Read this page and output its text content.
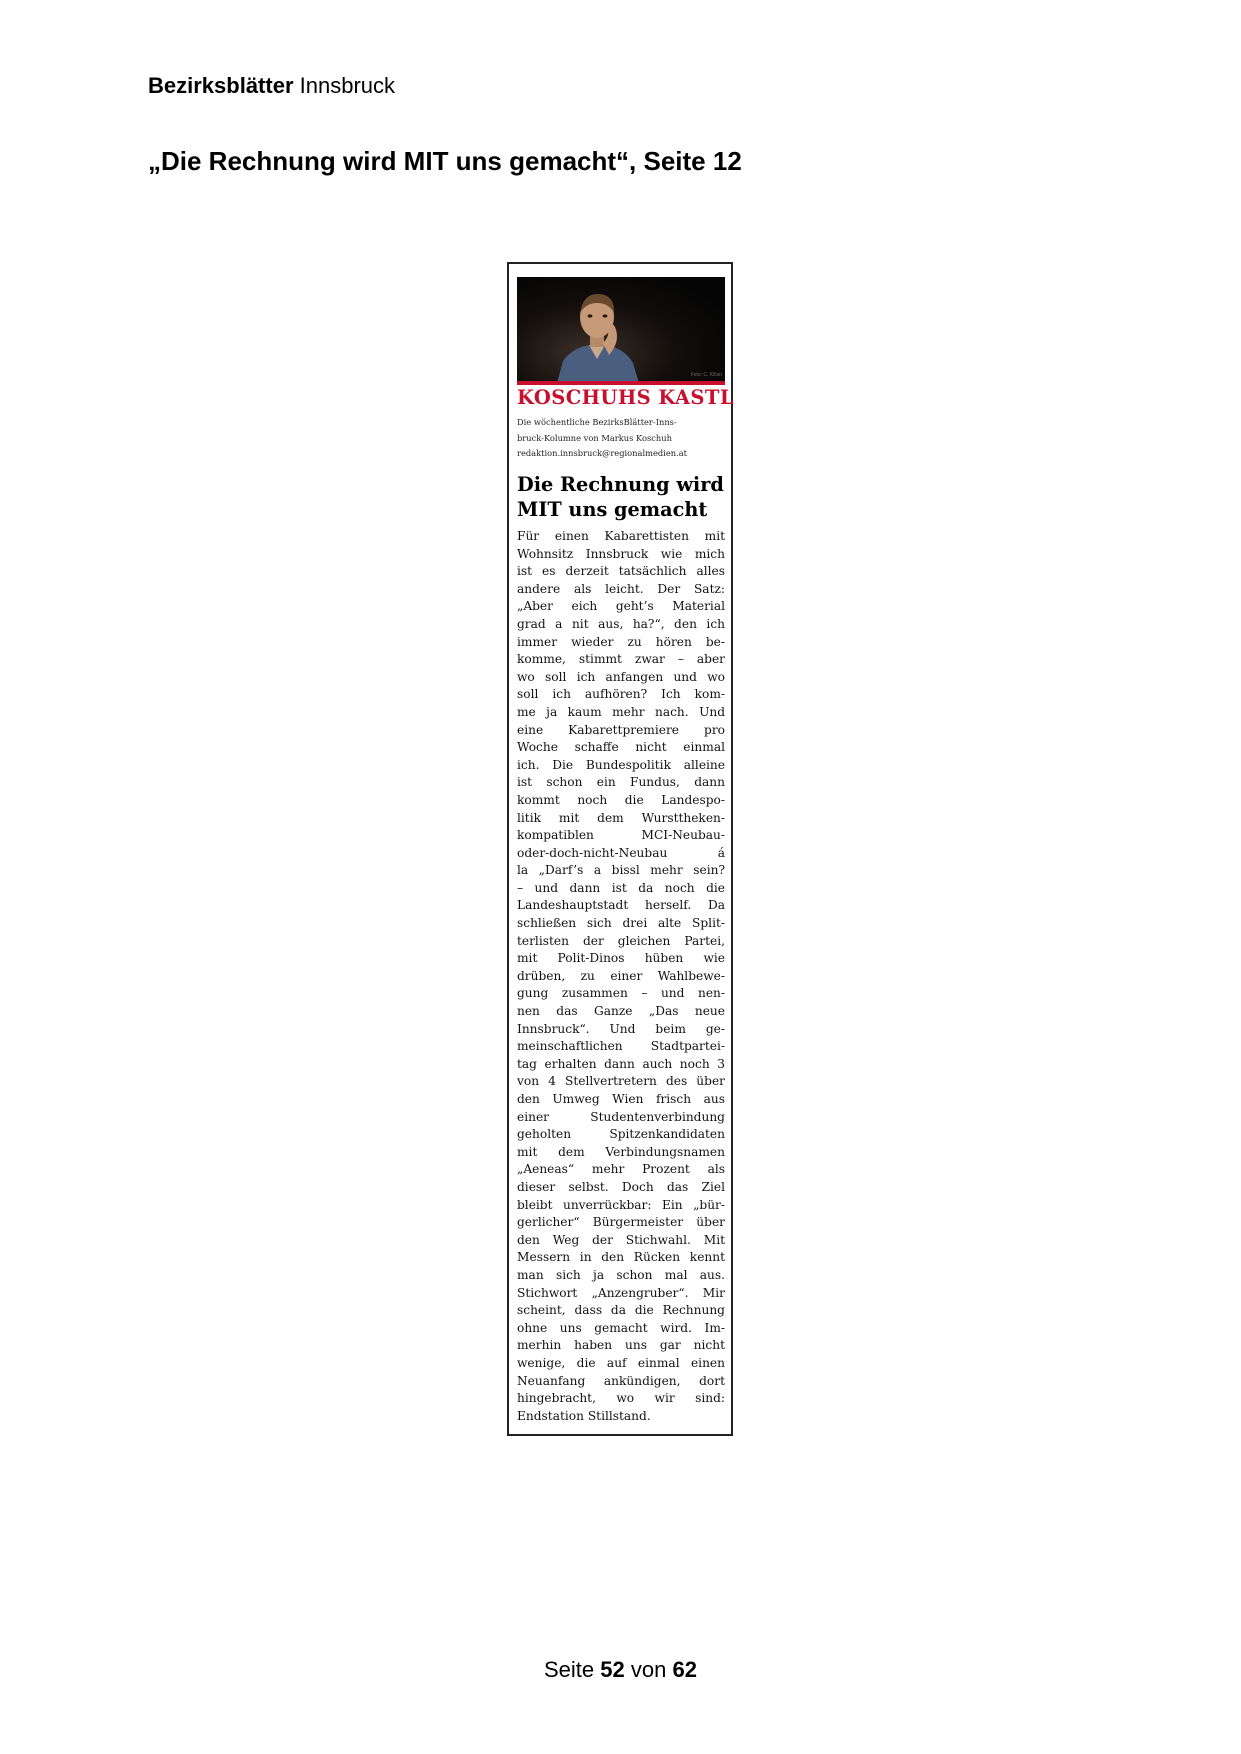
Bezirksblätter Innsbruck
„Die Rechnung wird MIT uns gemacht“, Seite 12
Foto: C. Kilian
KOSCHUHS KASTL
Die wöchentliche BezirksBlätter-Inns-
bruck-Kolumne von Markus Koschuh
redaktion.innsbruck@regionalmedien.at
Die Rechnung wird
MIT uns gemacht
Für einen Kabarettisten mit
Wohnsitz Innsbruck wie mich
ist es derzeit tatsächlich alles
andere als leicht. Der Satz:
„Aber eich geht’s Material
grad a nit aus, ha?“, den ich
immer wieder zu hören be-
komme, stimmt zwar – aber
wo soll ich anfangen und wo
soll ich aufhören? Ich kom-
me ja kaum mehr nach. Und
eine Kabarettpremiere pro
Woche schaffe nicht einmal
ich. Die Bundespolitik alleine
ist schon ein Fundus, dann
kommt noch die Landespo-
litik mit dem Wursttheken-
kompatiblen MCI-Neubau-
oder-doch-nicht-Neubau á
la „Darf’s a bissl mehr sein?
– und dann ist da noch die
Landeshauptstadt herself. Da
schließen sich drei alte Split-
terlisten der gleichen Partei,
mit Polit-Dinos hüben wie
drüben, zu einer Wahlbewe-
gung zusammen – und nen-
nen das Ganze „Das neue
Innsbruck“. Und beim ge-
meinschaftlichen Stadtpartei-
tag erhalten dann auch noch 3
von 4 Stellvertretern des über
den Umweg Wien frisch aus
einer Studentenverbindung
geholten Spitzenkandidaten
mit dem Verbindungsnamen
„Aeneas“ mehr Prozent als
dieser selbst. Doch das Ziel
bleibt unverrückbar: Ein „bür-
gerlicher“ Bürgermeister über
den Weg der Stichwahl. Mit
Messern in den Rücken kennt
man sich ja schon mal aus.
Stichwort „Anzengruber“. Mir
scheint, dass da die Rechnung
ohne uns gemacht wird. Im-
merhin haben uns gar nicht
wenige, die auf einmal einen
Neuanfang ankündigen, dort
hingebracht, wo wir sind:
Endstation Stillstand.
Seite 52 von 62
